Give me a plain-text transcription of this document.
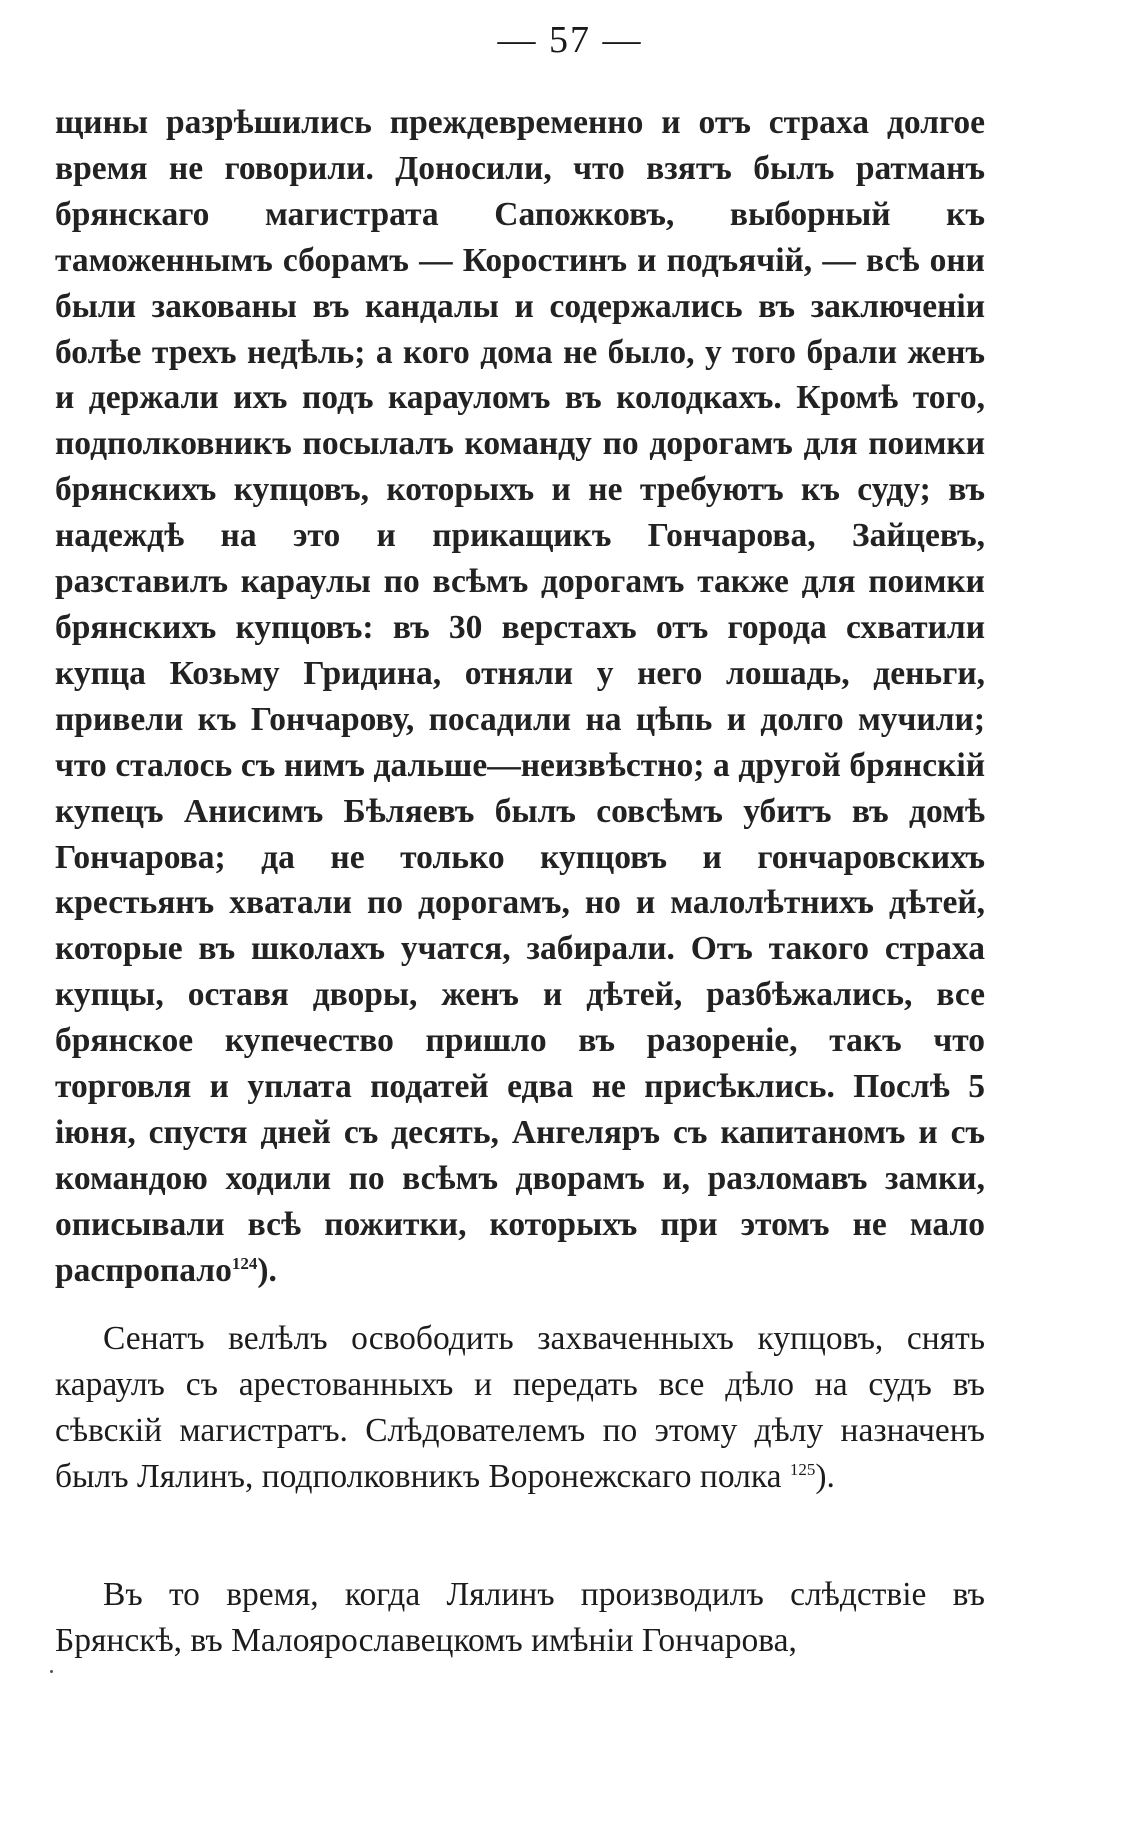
— 57 —

щины разрѣшились преждевременно и отъ страха долгое время не говорили. Доносили, что взятъ былъ ратманъ брянскаго магистрата Сапожковъ, выборный къ таможеннымъ сборамъ — Коростинъ и подъячій, — всѣ они были закованы въ кандалы и содержались въ заключеніи болѣе трехъ недѣль; а кого дома не было, у того брали женъ и держали ихъ подъ карауломъ въ колодкахъ. Кромѣ того, подполковникъ посылалъ команду по дорогамъ для поимки брянскихъ купцовъ, которыхъ и не требуютъ къ суду; въ надеждѣ на это и прикащикъ Гончарова, Зайцевъ, разставилъ караулы по всѣмъ дорогамъ также для поимки брянскихъ купцовъ: въ 30 верстахъ отъ города схватили купца Козьму Гридина, отняли у него лошадь, деньги, привели къ Гончарову, посадили на цѣпь и долго мучили; что сталось съ нимъ дальше—неизвѣстно; а другой брянскій купецъ Анисимъ Бѣляевъ былъ совсѣмъ убитъ въ домѣ Гончарова; да не только купцовъ и гончаровскихъ крестьянъ хватали по дорогамъ, но и малолѣтнихъ дѣтей, которые въ школахъ учатся, забирали. Отъ такого страха купцы, оставя дворы, женъ и дѣтей, разбѣжались, все брянское купечество пришло въ разореніе, такъ что торговля и уплата податей едва не присѣклись. Послѣ 5 іюня, спустя дней съ десять, Ангеляръ съ капитаномъ и съ командою ходили по всѣмъ дворамъ и, разломавъ замки, описывали всѣ пожитки, которыхъ при этомъ не мало распропало$^{124}$).

Сенатъ велѣлъ освободить захваченныхъ купцовъ, снять караулъ съ арестованныхъ и передать все дѣло на судъ въ сѣвскій магистратъ. Слѣдователемъ по этому дѣлу назначенъ былъ Лялинъ, подполковникъ Воронежскаго полка $^{125}$).

Въ то время, когда Лялинъ производилъ слѣдствіе въ Брянскѣ, въ Малоярославецкомъ имѣніи Гончарова,
